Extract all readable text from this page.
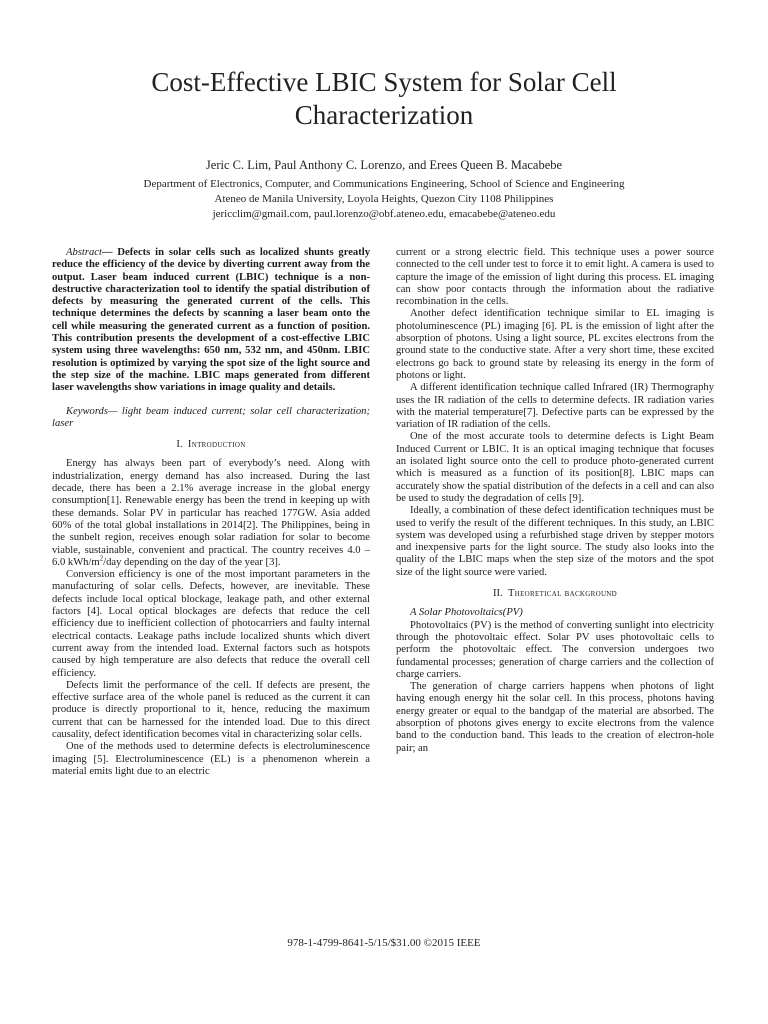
Cost-Effective LBIC System for Solar Cell Characterization
Jeric C. Lim, Paul Anthony C. Lorenzo, and Erees Queen B. Macabebe
Department of Electronics, Computer, and Communications Engineering, School of Science and Engineering
Ateneo de Manila University, Loyola Heights, Quezon City 1108 Philippines
jericclim@gmail.com, paul.lorenzo@obf.ateneo.edu, emacabebe@ateneo.edu

Abstract— Defects in solar cells such as localized shunts greatly reduce the efficiency of the device by diverting current away from the output. Laser beam induced current (LBIC) technique is a non-destructive characterization tool to identify the spatial distribution of defects by measuring the generated current of the cells. This technique determines the defects by scanning a laser beam onto the cell while measuring the generated current as a function of position. This contribution presents the development of a cost-effective LBIC system using three wavelengths: 650 nm, 532 nm, and 450nm. LBIC resolution is optimized by varying the spot size of the light source and the step size of the machine. LBIC maps generated from different laser wavelengths show variations in image quality and details.

Keywords— light beam induced current; solar cell characterization; laser

I. Introduction

Energy has always been part of everybody’s need. Along with industrialization, energy demand has also increased. During the last decade, there has been a 2.1% average increase in the global energy consumption[1]. Renewable energy has been the trend in keeping up with these demands. Solar PV in particular has reached 177GW. Asia added 60% of the total global installations in 2014[2]. The Philippines, being in the sunbelt region, receives enough solar radiation for solar to become viable, sustainable, convenient and practical. The country receives 4.0 – 6.0 kWh/$m^2$/day depending on the day of the year [3].

Conversion efficiency is one of the most important parameters in the manufacturing of solar cells. Defects, however, are inevitable. These defects include local optical blockage, leakage path, and other external factors [4]. Local optical blockages are defects that reduce the cell efficiency due to inefficient collection of photocarriers and faulty internal electrical contacts. Leakage paths include localized shunts which divert current away from the intended load. External factors such as hotspots caused by high temperature are also defects that reduce the overall cell efficiency.

Defects limit the performance of the cell. If defects are present, the effective surface area of the whole panel is reduced as the current it can produce is directly proportional to it, hence, reducing the maximum current that can be harnessed for the intended load. Due to this direct causality, defect identification becomes vital in characterizing solar cells.

One of the methods used to determine defects is electroluminescence imaging [5]. Electroluminescence (EL) is a phenomenon wherein a material emits light due to an electric

current or a strong electric field. This technique uses a power source connected to the cell under test to force it to emit light. A camera is used to capture the image of the emission of light during this process. EL imaging can show poor contacts through the information about the radiative recombination in the cells.

Another defect identification technique similar to EL imaging is photoluminescence (PL) imaging [6]. PL is the emission of light after the absorption of photons. Using a light source, PL excites electrons from the ground state to the conductive state. After a very short time, these excited electrons go back to ground state by releasing its energy in the form of photons or light.

A different identification technique called Infrared (IR) Thermography uses the IR radiation of the cells to determine defects. IR radiation varies with the material temperature[7]. Defective parts can be expressed by the variation of IR radiation of the cells.

One of the most accurate tools to determine defects is Light Beam Induced Current or LBIC. It is an optical imaging technique that focuses an isolated light source onto the cell to produce photo-generated current which is measured as a function of its position[8]. LBIC maps can accurately show the spatial distribution of the defects in a cell and can also be used to study the degradation of cells [9].

Ideally, a combination of these defect identification techniques must be used to verify the result of the different techniques. In this study, an LBIC system was developed using a refurbished stage driven by stepper motors and inexpensive parts for the light source. The study also looks into the quality of the LBIC maps when the step size of the motors and the spot size of the light source were varied.

II. Theoretical background

A Solar Photovoltaics(PV)

Photovoltaics (PV) is the method of converting sunlight into electricity through the photovoltaic effect. Solar PV uses photovoltaic cells to perform the photovoltaic effect. The conversion undergoes two fundamental processes; generation of charge carriers and the collection of charge carriers.

The generation of charge carriers happens when photons of light having enough energy hit the solar cell. In this process, photons having energy greater or equal to the bandgap of the material are absorbed. The absorption of photons gives energy to excite electrons from the valence band to the conduction band. This leads to the creation of electron-hole pair; an

978-1-4799-8641-5/15/$31.00 ©2015 IEEE
